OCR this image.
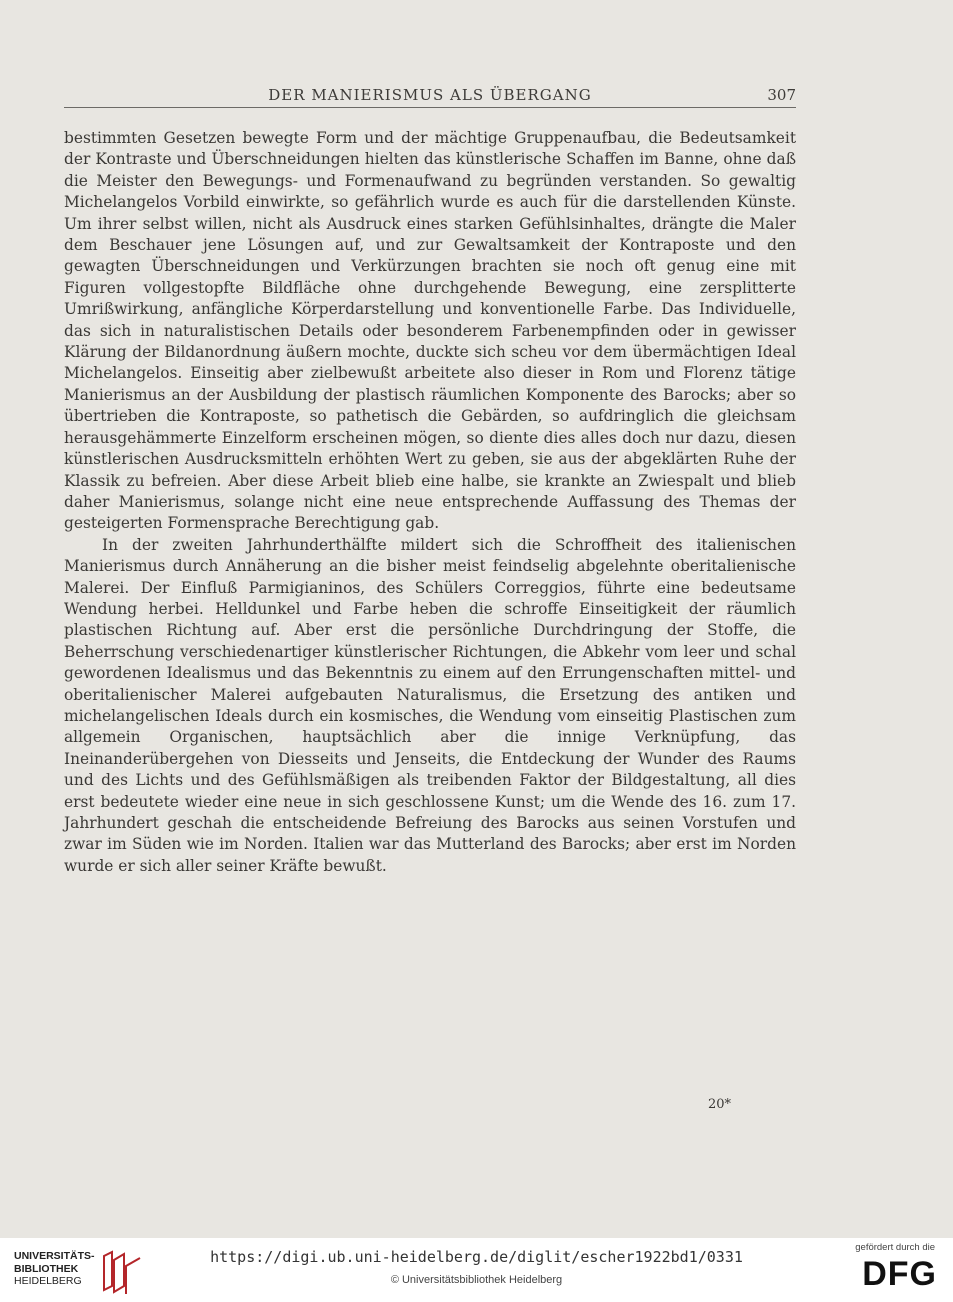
DER MANIERISMUS ALS ÜBERGANG	307

bestimmten Gesetzen bewegte Form und der mächtige Gruppenaufbau, die Bedeutsamkeit der Kontraste und Überschneidungen hielten das künstlerische Schaffen im Banne, ohne daß die Meister den Bewegungs- und Formenaufwand zu begründen verstanden. So gewaltig Michelangelos Vorbild einwirkte, so gefährlich wurde es auch für die darstellenden Künste. Um ihrer selbst willen, nicht als Ausdruck eines starken Gefühlsinhaltes, drängte die Maler dem Beschauer jene Lösungen auf, und zur Gewaltsamkeit der Kontraposte und den gewagten Überschneidungen und Verkürzungen brachten sie noch oft genug eine mit Figuren vollgestopfte Bildfläche ohne durchgehende Bewegung, eine zersplitterte Umrißwirkung, anfängliche Körperdarstellung und konventionelle Farbe. Das Individuelle, das sich in naturalistischen Details oder besonderem Farbenempfinden oder in gewisser Klärung der Bildanordnung äußern mochte, duckte sich scheu vor dem übermächtigen Ideal Michelangelos. Einseitig aber zielbewußt arbeitete also dieser in Rom und Florenz tätige Manierismus an der Ausbildung der plastisch räumlichen Komponente des Barocks; aber so übertrieben die Kontraposte, so pathetisch die Gebärden, so aufdringlich die gleichsam herausgehämmerte Einzelform erscheinen mögen, so diente dies alles doch nur dazu, diesen künstlerischen Ausdrucksmitteln erhöhten Wert zu geben, sie aus der abgeklärten Ruhe der Klassik zu befreien. Aber diese Arbeit blieb eine halbe, sie krankte an Zwiespalt und blieb daher Manierismus, solange nicht eine neue entsprechende Auffassung des Themas der gesteigerten Formensprache Berechtigung gab.

In der zweiten Jahrhunderthälfte mildert sich die Schroffheit des italienischen Manierismus durch Annäherung an die bisher meist feindselig abgelehnte oberitalienische Malerei. Der Einfluß Parmigianinos, des Schülers Correggios, führte eine bedeutsame Wendung herbei. Helldunkel und Farbe heben die schroffe Einseitigkeit der räumlich plastischen Richtung auf. Aber erst die persönliche Durchdringung der Stoffe, die Beherrschung verschiedenartiger künstlerischer Richtungen, die Abkehr vom leer und schal gewordenen Idealismus und das Bekenntnis zu einem auf den Errungenschaften mittel- und oberitalienischer Malerei aufgebauten Naturalismus, die Ersetzung des antiken und michelangelischen Ideals durch ein kosmisches, die Wendung vom einseitig Plastischen zum allgemein Organischen, hauptsächlich aber die innige Verknüpfung, das Ineinanderübergehen von Diesseits und Jenseits, die Entdeckung der Wunder des Raums und des Lichts und des Gefühlsmäßigen als treibenden Faktor der Bildgestaltung, all dies erst bedeutete wieder eine neue in sich geschlossene Kunst; um die Wende des 16. zum 17. Jahrhundert geschah die entscheidende Befreiung des Barocks aus seinen Vorstufen und zwar im Süden wie im Norden. Italien war das Mutterland des Barocks; aber erst im Norden wurde er sich aller seiner Kräfte bewußt.

20*
UNIVERSITÄTS-
BIBLIOTHEK
HEIDELBERG
https://digi.ub.uni-heidelberg.de/diglit/escher1922bd1/0331
© Universitätsbibliothek Heidelberg
gefördert durch die
DFG
